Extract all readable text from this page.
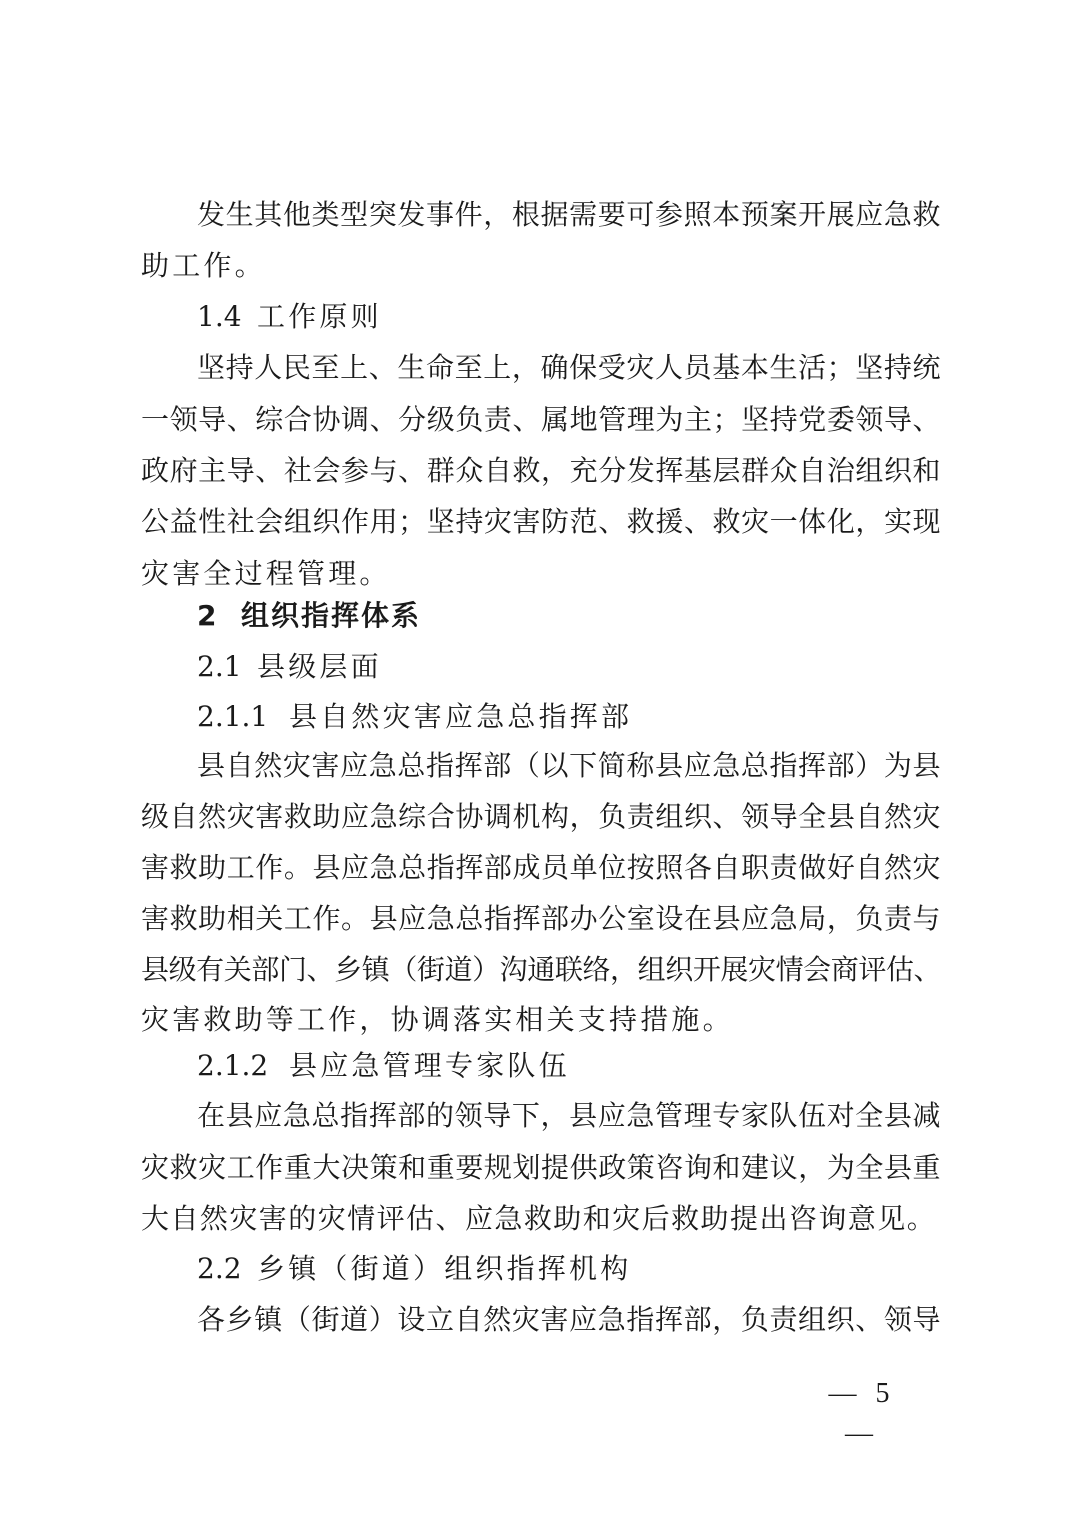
发生其他类型突发事件，根据需要可参照本预案开展应急救
助工作。
1.4 工作原则
坚持人民至上、生命至上，确保受灾人员基本生活；坚持统
一领导、综合协调、分级负责、属地管理为主；坚持党委领导、
政府主导、社会参与、群众自救，充分发挥基层群众自治组织和
公益性社会组织作用；坚持灾害防范、救援、救灾一体化，实现
灾害全过程管理。
2 组织指挥体系
2.1 县级层面
2.1.1 县自然灾害应急总指挥部
县自然灾害应急总指挥部（以下简称县应急总指挥部）为县
级自然灾害救助应急综合协调机构，负责组织、领导全县自然灾
害救助工作。县应急总指挥部成员单位按照各自职责做好自然灾
害救助相关工作。县应急总指挥部办公室设在县应急局，负责与
县级有关部门、乡镇（街道）沟通联络，组织开展灾情会商评估、
灾害救助等工作，协调落实相关支持措施。
2.1.2 县应急管理专家队伍
在县应急总指挥部的领导下，县应急管理专家队伍对全县减
灾救灾工作重大决策和重要规划提供政策咨询和建议，为全县重
大自然灾害的灾情评估、应急救助和灾后救助提出咨询意见。
2.2 乡镇（街道）组织指挥机构
各乡镇（街道）设立自然灾害应急指挥部，负责组织、领导
— 5 —
